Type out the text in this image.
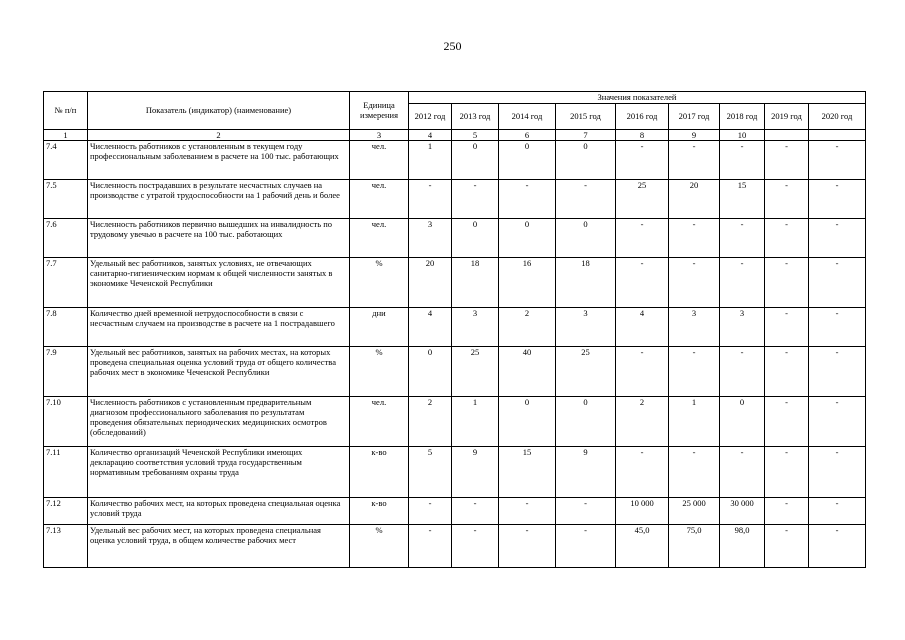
250
№ п/п	Показатель (индикатор) (наименование)	Единица измерения	Значения показателей								
			2012 год	2013 год	2014 год	2015 год	2016 год	2017 год	2018 год	2019 год	2020 год
1	2	3	4	5	6	7	8	9	10		
7.4	Численность работников с установленным в текущем году профессиональным заболеванием в расчете на 100 тыс. работающих	чел.	1	0	0	0	-	-	-	-	-
7.5	Численность пострадавших в результате несчастных случаев на производстве с утратой трудоспособности на 1 рабочий день и более	чел.	-	-	-	-	25	20	15	-	-
7.6	Численность работников первично вышедших на инвалидность по трудовому увечью в расчете на 100 тыс. работающих	чел.	3	0	0	0	-	-	-	-	-
7.7	Удельный вес работников, занятых условиях, не отвечающих санитарно-гигиеническим нормам к общей численности занятых в экономике Чеченской Республики	%	20	18	16	18	-	-	-	-	-
7.8	Количество дней временной нетрудоспособности в связи с несчастным случаем на производстве в расчете на 1 пострадавшего	дни	4	3	2	3	4	3	3	-	-
7.9	Удельный вес работников, занятых на рабочих местах, на которых проведена специальная оценка условий труда от общего количества рабочих мест в экономике Чеченской Республики	%	0	25	40	25	-	-	-	-	-
7.10	Численность работников с установленным предварительным диагнозом профессионального заболевания по результатам проведения обязательных периодических медицинских осмотров (обследований)	чел.	2	1	0	0	2	1	0	-	-
7.11	Количество организаций Чеченской Республики имеющих декларацию соответствия условий труда государственным нормативным требованиям охраны труда	к-во	5	9	15	9	-	-	-	-	-
7.12	Количество рабочих мест, на которых проведена специальная оценка условий труда	к-во	-	-	-	-	10 000	25 000	30 000	-	-
7.13	Удельный вес рабочих мест, на которых проведена специальная оценка условий труда, в общем количестве рабочих мест	%	-	-	-	-	45,0	75,0	98,0	-	-
